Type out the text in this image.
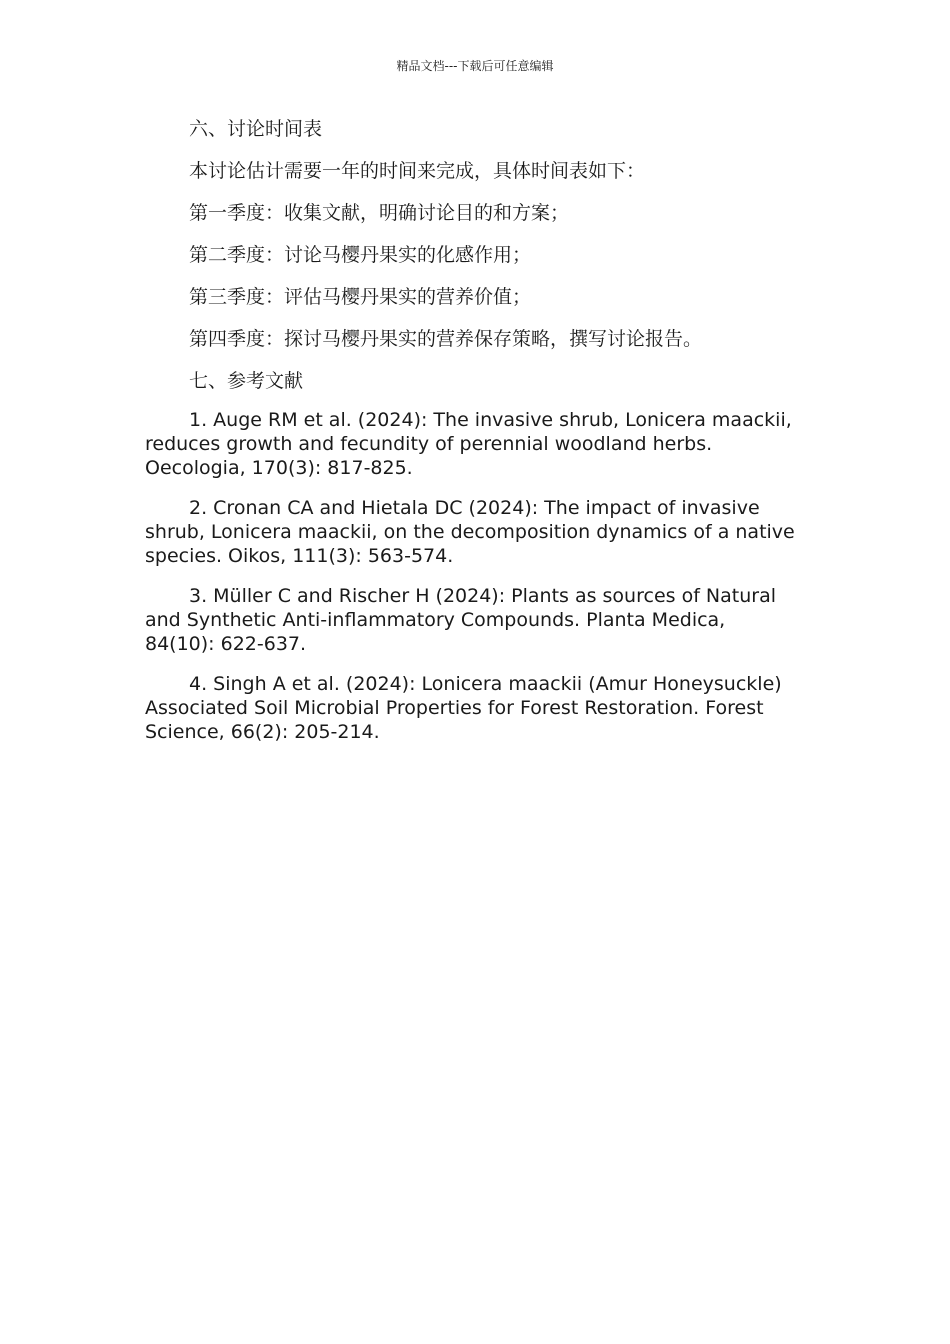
精品文档---下载后可任意编辑
六、讨论时间表
本讨论估计需要一年的时间来完成，具体时间表如下：
第一季度：收集文献，明确讨论目的和方案；
第二季度：讨论马樱丹果实的化感作用；
第三季度：评估马樱丹果实的营养价值；
第四季度：探讨马樱丹果实的营养保存策略，撰写讨论报告。
七、参考文献

1. Auge RM et al. (2024): The invasive shrub, Lonicera maackii, reduces growth and fecundity of perennial woodland herbs. Oecologia, 170(3): 817-825.

2. Cronan CA and Hietala DC (2024): The impact of invasive shrub, Lonicera maackii, on the decomposition dynamics of a native species. Oikos, 111(3): 563-574.

3. Müller C and Rischer H (2024): Plants as sources of Natural and Synthetic Anti-inflammatory Compounds. Planta Medica, 84(10): 622-637.

4. Singh A et al. (2024): Lonicera maackii (Amur Honeysuckle) Associated Soil Microbial Properties for Forest Restoration. Forest Science, 66(2): 205-214.
